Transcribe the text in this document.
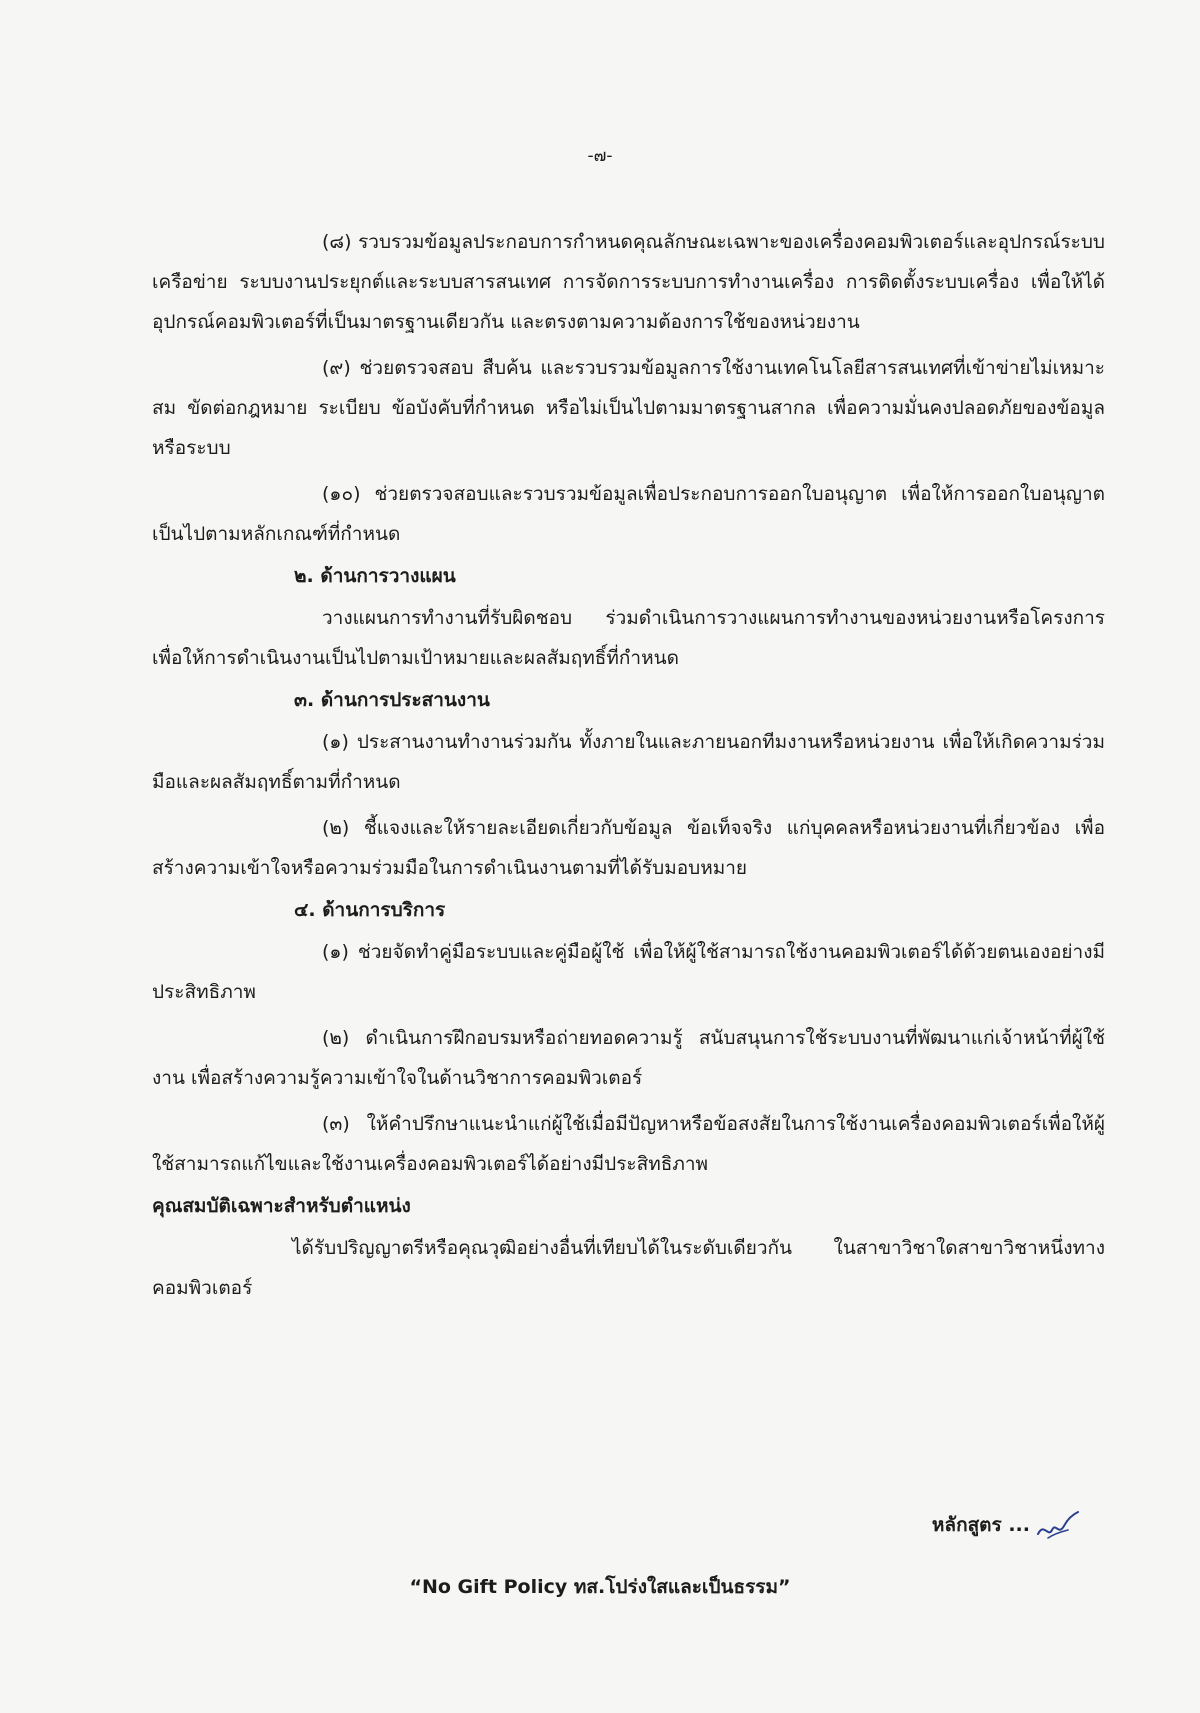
-๗-

(๘) รวบรวมข้อมูลประกอบการกำหนดคุณลักษณะเฉพาะของเครื่องคอมพิวเตอร์และอุปกรณ์ระบบเครือข่าย ระบบงานประยุกต์และระบบสารสนเทศ การจัดการระบบการทำงานเครื่อง การติดตั้งระบบเครื่อง เพื่อให้ได้อุปกรณ์คอมพิวเตอร์ที่เป็นมาตรฐานเดียวกัน และตรงตามความต้องการใช้ของหน่วยงาน

(๙) ช่วยตรวจสอบ สืบค้น และรวบรวมข้อมูลการใช้งานเทคโนโลยีสารสนเทศที่เข้าข่ายไม่เหมาะสม ขัดต่อกฎหมาย ระเบียบ ข้อบังคับที่กำหนด หรือไม่เป็นไปตามมาตรฐานสากล เพื่อความมั่นคงปลอดภัยของข้อมูลหรือระบบ

(๑๐) ช่วยตรวจสอบและรวบรวมข้อมูลเพื่อประกอบการออกใบอนุญาต เพื่อให้การออกใบอนุญาตเป็นไปตามหลักเกณฑ์ที่กำหนด

๒. ด้านการวางแผน

วางแผนการทำงานที่รับผิดชอบ ร่วมดำเนินการวางแผนการทำงานของหน่วยงานหรือโครงการ เพื่อให้การดำเนินงานเป็นไปตามเป้าหมายและผลสัมฤทธิ์ที่กำหนด

๓. ด้านการประสานงาน

(๑) ประสานงานทำงานร่วมกัน ทั้งภายในและภายนอกทีมงานหรือหน่วยงาน เพื่อให้เกิดความร่วมมือและผลสัมฤทธิ์ตามที่กำหนด

(๒) ชี้แจงและให้รายละเอียดเกี่ยวกับข้อมูล ข้อเท็จจริง แก่บุคคลหรือหน่วยงานที่เกี่ยวข้อง เพื่อสร้างความเข้าใจหรือความร่วมมือในการดำเนินงานตามที่ได้รับมอบหมาย

๔. ด้านการบริการ

(๑) ช่วยจัดทำคู่มือระบบและคู่มือผู้ใช้ เพื่อให้ผู้ใช้สามารถใช้งานคอมพิวเตอร์ได้ด้วยตนเองอย่างมีประสิทธิภาพ

(๒) ดำเนินการฝึกอบรมหรือถ่ายทอดความรู้ สนับสนุนการใช้ระบบงานที่พัฒนาแก่เจ้าหน้าที่ผู้ใช้งาน เพื่อสร้างความรู้ความเข้าใจในด้านวิชาการคอมพิวเตอร์

(๓) ให้คำปรึกษาแนะนำแก่ผู้ใช้เมื่อมีปัญหาหรือข้อสงสัยในการใช้งานเครื่องคอมพิวเตอร์เพื่อให้ผู้ใช้สามารถแก้ไขและใช้งานเครื่องคอมพิวเตอร์ได้อย่างมีประสิทธิภาพ

คุณสมบัติเฉพาะสำหรับตำแหน่ง

ได้รับปริญญาตรีหรือคุณวุฒิอย่างอื่นที่เทียบได้ในระดับเดียวกัน ในสาขาวิชาใดสาขาวิชาหนึ่งทางคอมพิวเตอร์

หลักสูตร ...
“No Gift Policy ทส.โปร่งใสและเป็นธรรม”
